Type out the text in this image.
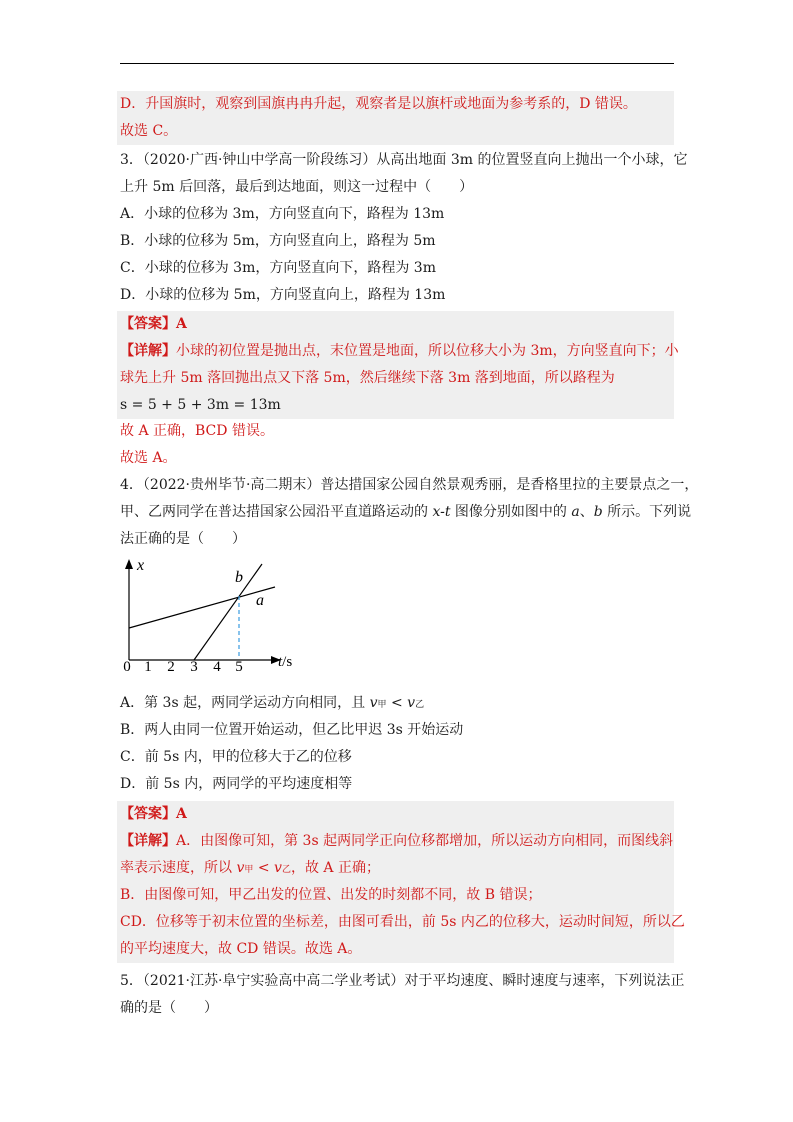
D．升国旗时，观察到国旗冉冉升起，观察者是以旗杆或地面为参考系的，D 错误。
故选 C。
3．（2020·广西·钟山中学高一阶段练习）从高出地面 3m 的位置竖直向上抛出一个小球，它
上升 5m 后回落，最后到达地面，则这一过程中（　　）
A．小球的位移为 3m，方向竖直向下，路程为 13m
B．小球的位移为 5m，方向竖直向上，路程为 5m
C．小球的位移为 3m，方向竖直向下，路程为 3m
D．小球的位移为 5m，方向竖直向上，路程为 13m
【答案】A
【详解】小球的初位置是抛出点，末位置是地面，所以位移大小为 3m，方向竖直向下；小
球先上升 5m 落回抛出点又下落 5m，然后继续下落 3m 落到地面，所以路程为
s = 5 + 5 + 3m = 13m
故 A 正确，BCD 错误。
故选 A。
4．（2022·贵州毕节·高二期末）普达措国家公园自然景观秀丽，是香格里拉的主要景点之一，
甲、乙两同学在普达措国家公园沿平直道路运动的 x-t 图像分别如图中的 a、b 所示。下列说
法正确的是（　　）
x
t/s
b
a
0 1 2 3 4 5
A．第 3s 起，两同学运动方向相同，且 v甲 < v乙
B．两人由同一位置开始运动，但乙比甲迟 3s 开始运动
C．前 5s 内，甲的位移大于乙的位移
D．前 5s 内，两同学的平均速度相等
【答案】A
【详解】A．由图像可知，第 3s 起两同学正向位移都增加，所以运动方向相同，而图线斜
率表示速度，所以 v甲 < v乙，故 A 正确；
B．由图像可知，甲乙出发的位置、出发的时刻都不同，故 B 错误；
CD．位移等于初末位置的坐标差，由图可看出，前 5s 内乙的位移大，运动时间短，所以乙
的平均速度大，故 CD 错误。故选 A。
5．（2021·江苏·阜宁实验高中高二学业考试）对于平均速度、瞬时速度与速率，下列说法正
确的是（　　）
